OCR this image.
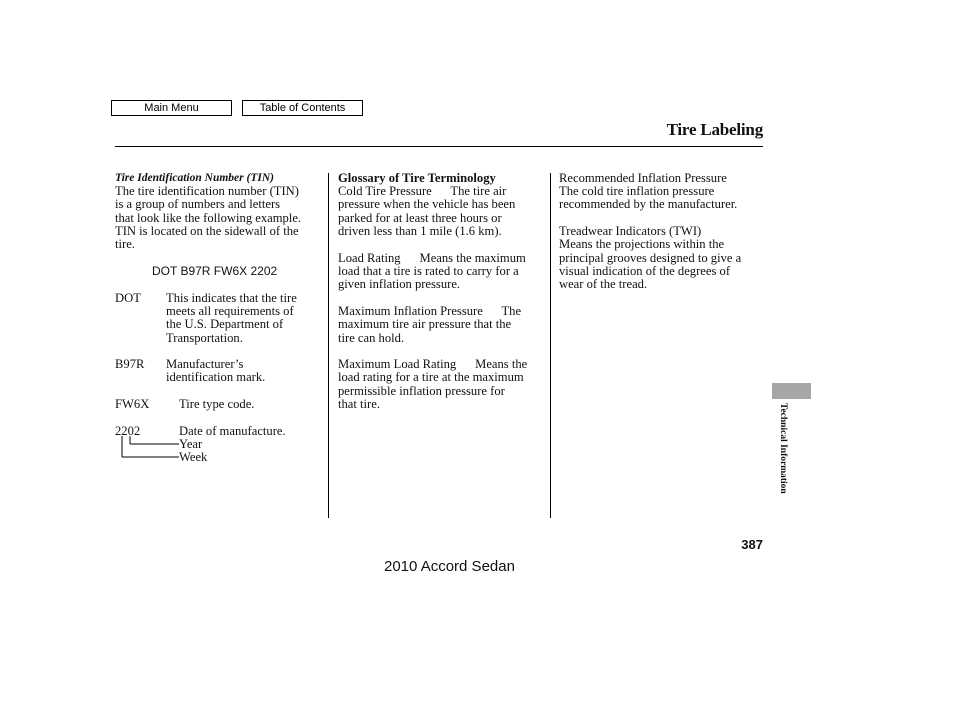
Main Menu	Table of Contents
Tire Labeling
Tire Identification Number (TIN)
The tire identification number (TIN)
is a group of numbers and letters
that look like the following example.
TIN is located on the sidewall of the
tire.
DOT B97R FW6X 2202
DOT This indicates that the tire
meets all requirements of
the U.S. Department of
Transportation.
B97R Manufacturer’s
identification mark.
FW6X Tire type code.
2202	Date of manufacture.
Year
Week
Glossary of Tire Terminology
Cold Tire Pressure      The tire air
pressure when the vehicle has been
parked for at least three hours or
driven less than 1 mile (1.6 km).
Load Rating      Means the maximum
load that a tire is rated to carry for a
given inflation pressure.
Maximum Inflation Pressure      The
maximum tire air pressure that the
tire can hold.
Maximum Load Rating      Means the
load rating for a tire at the maximum
permissible inflation pressure for
that tire.
Recommended Inflation Pressure
The cold tire inflation pressure
recommended by the manufacturer.
Treadwear Indicators (TWI)
Means the projections within the
principal grooves designed to give a
visual indication of the degrees of
wear of the tread.
Technical Information
387
2010 Accord Sedan
